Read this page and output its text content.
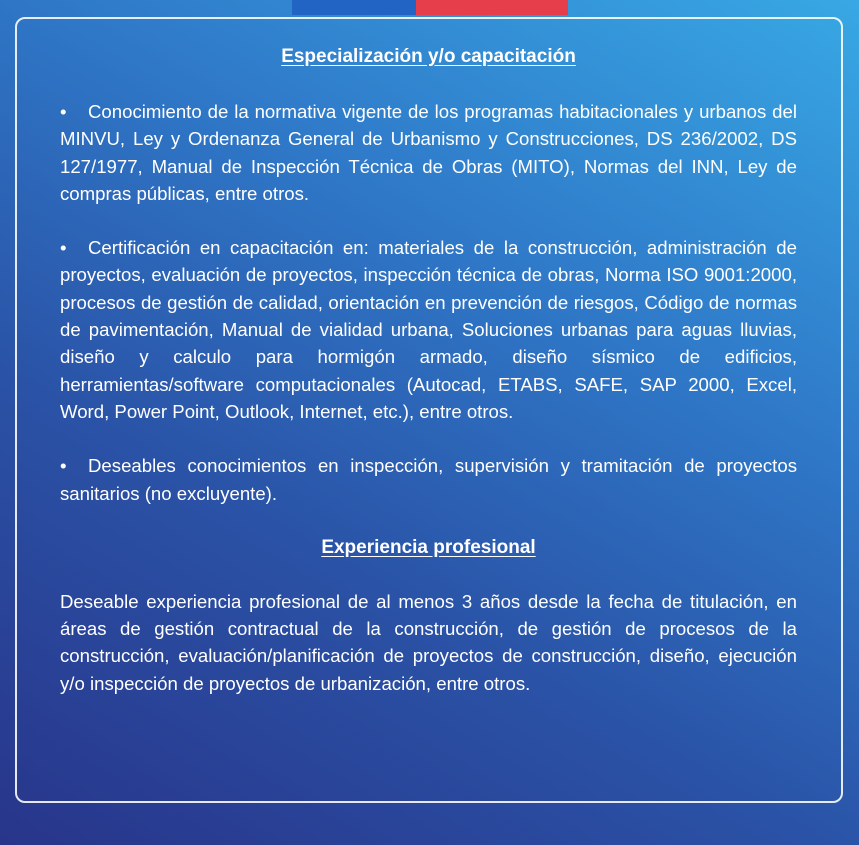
Especialización y/o capacitación

• Conocimiento de la normativa vigente de los programas habitacionales y urbanos del MINVU, Ley y Ordenanza General de Urbanismo y Construcciones, DS 236/2002, DS 127/1977, Manual de Inspección Técnica de Obras (MITO), Normas del INN, Ley de compras públicas, entre otros.

• Certificación en capacitación en: materiales de la construcción, administración de proyectos, evaluación de proyectos, inspección técnica de obras, Norma ISO 9001:2000, procesos de gestión de calidad, orientación en prevención de riesgos, Código de normas de pavimentación, Manual de vialidad urbana, Soluciones urbanas para aguas lluvias, diseño y calculo para hormigón armado, diseño sísmico de edificios, herramientas/software computacionales (Autocad, ETABS, SAFE, SAP 2000, Excel, Word, Power Point, Outlook, Internet, etc.), entre otros.

• Deseables conocimientos en inspección, supervisión y tramitación de proyectos sanitarios (no excluyente).

Experiencia profesional

Deseable experiencia profesional de al menos 3 años desde la fecha de titulación, en áreas de gestión contractual de la construcción, de gestión de procesos de la construcción, evaluación/planificación de proyectos de construcción, diseño, ejecución y/o inspección de proyectos de urbanización, entre otros.
